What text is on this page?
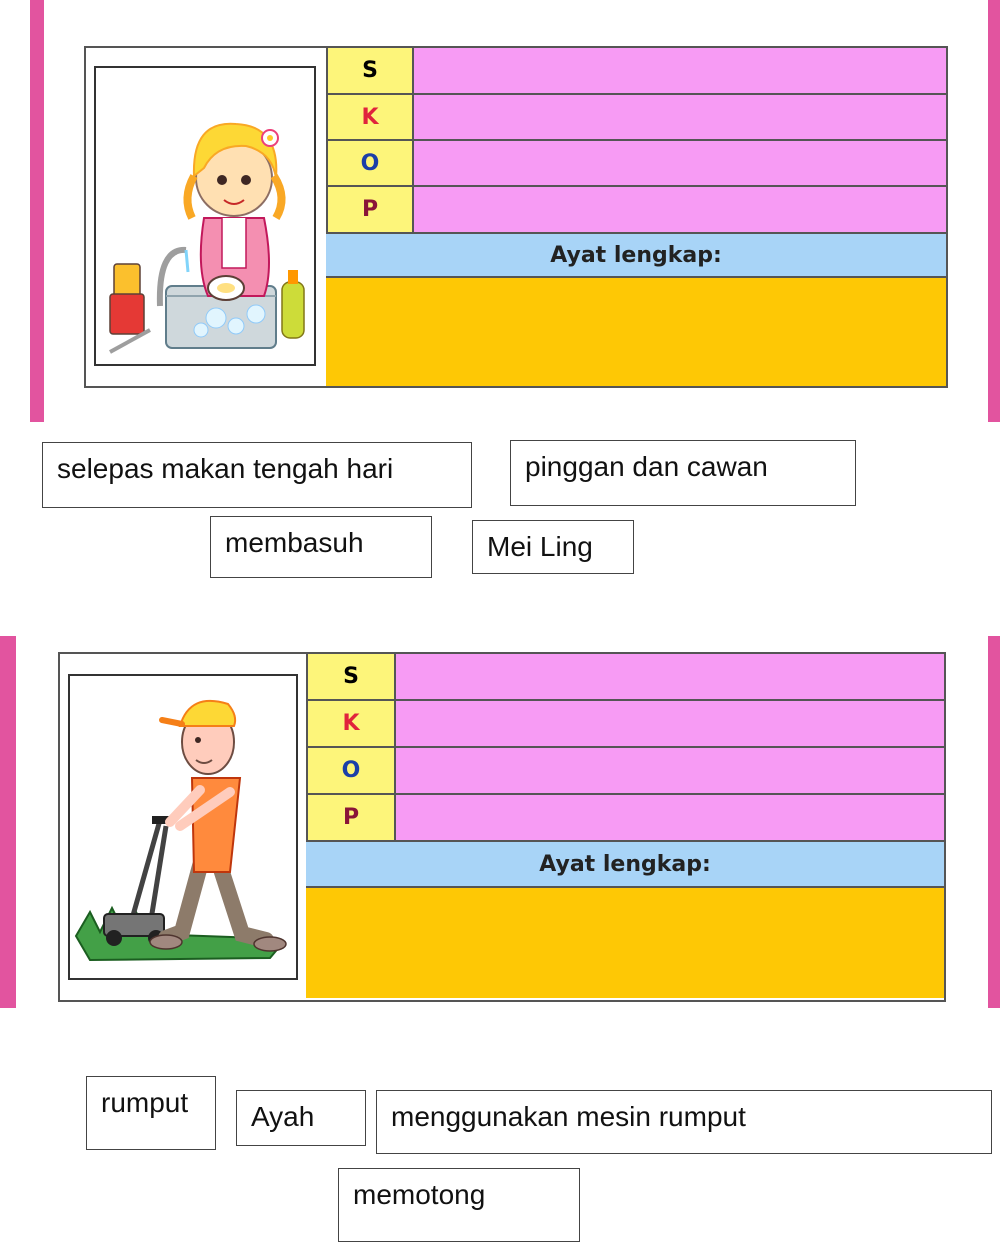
S
K
O
P
Ayat lengkap:
selepas makan tengah hari	pinggan dan cawan
membasuh	Mei Ling
S
K
O
P
Ayat lengkap:
rumput	Ayah	menggunakan mesin rumput
memotong
